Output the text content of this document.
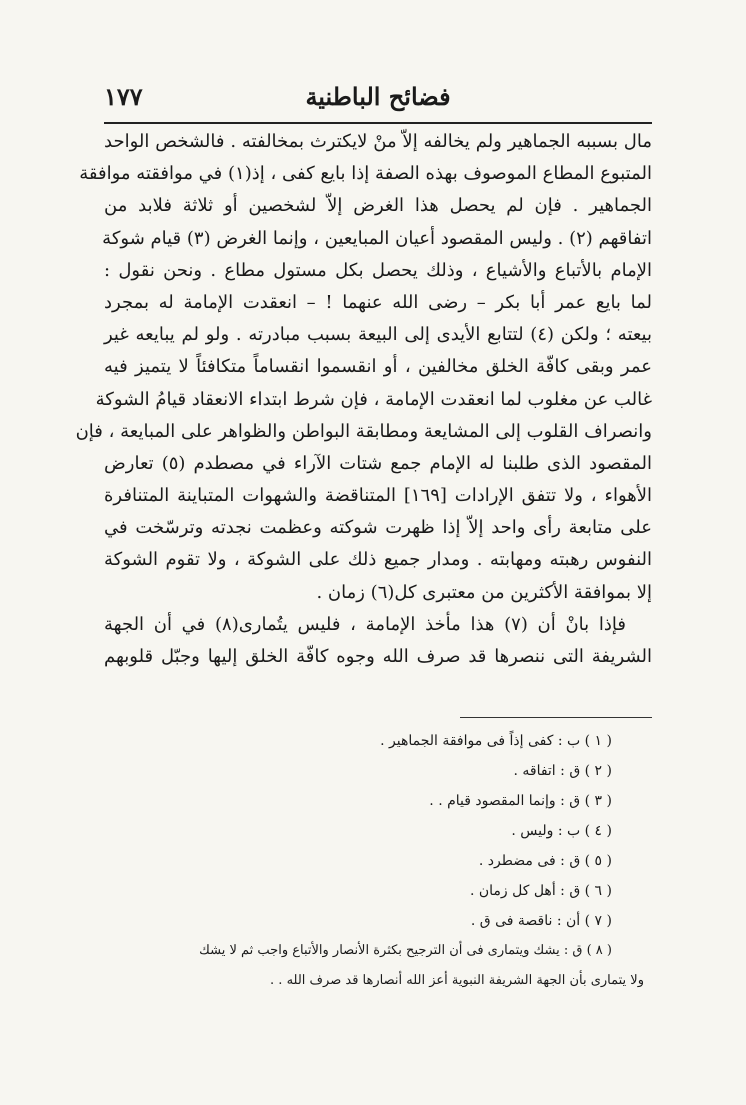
فضائح الباطنية
١٧٧
مال بسببه الجماهير ولم يخالفه إلاّ منْ لايكترث بمخالفته . فالشخص الواحد
المتبوع المطاع الموصوف بهذه الصفة إذا بايع كفى ، إذ(١) في موافقته موافقة
الجماهير . فإن لم يحصل هذا الغرض إلاّ لشخصين أو ثلاثة فلابد من
اتفاقهم (٢) . وليس المقصود أعيان المبايعين ، وإنما الغرض (٣) قيام شوكة
الإمام بالأتباع والأشياع ، وذلك يحصل بكل مستول مطاع . ونحن نقول :
لما بايع عمر أبا بكر – رضى الله عنهما ! – انعقدت الإمامة له بمجرد
بيعته ؛ ولكن (٤) لتتابع الأيدى إلى البيعة بسبب مبادرته . ولو لم يبايعه غير
عمر وبقى كافّة الخلق مخالفين ، أو انقسموا انقساماً متكافئاً لا يتميز فيه
غالب عن مغلوب لما انعقدت الإمامة ، فإن شرط ابتداء الانعقاد قيامُ الشوكة
وانصراف القلوب إلى المشايعة ومطابقة البواطن والظواهر على المبايعة ، فإن
المقصود الذى طلبنا له الإمام جمع شتات الآراء في مصطدم (٥) تعارض
الأهواء ، ولا تتفق الإرادات [١٦٩] المتناقضة والشهوات المتباينة المتنافرة
على متابعة رأى واحد إلاّ إذا ظهرت شوكته وعظمت نجدته وترسّخت في
النفوس رهبته ومهابته . ومدار جميع ذلك على الشوكة ، ولا تقوم الشوكة
إلا بموافقة الأكثرين من معتبرى كل(٦) زمان .
فإذا بانْ أن (٧) هذا مأخذ الإمامة ، فليس يتُمارى(٨) في أن الجهة
الشريفة التى ننصرها قد صرف الله وجوه كافّة الخلق إليها وجبّل قلوبهم
( ١ ) ب : كفى إذاً فى موافقة الجماهير .
( ٢ ) ق : اتفاقه .
( ٣ ) ق : وإنما المقصود قيام . .
( ٤ ) ب : وليس .
( ٥ ) ق : فى مضطرد .
( ٦ ) ق : أهل كل زمان .
( ٧ ) أن : ناقصة فى ق .
( ٨ ) ق : يشك ويتمارى فى أن الترجيح بكثرة الأنصار والأتباع واجب ثم لا يشك
ولا يتمارى بأن الجهة الشريفة النبوية أعز الله أنصارها قد صرف الله . .
